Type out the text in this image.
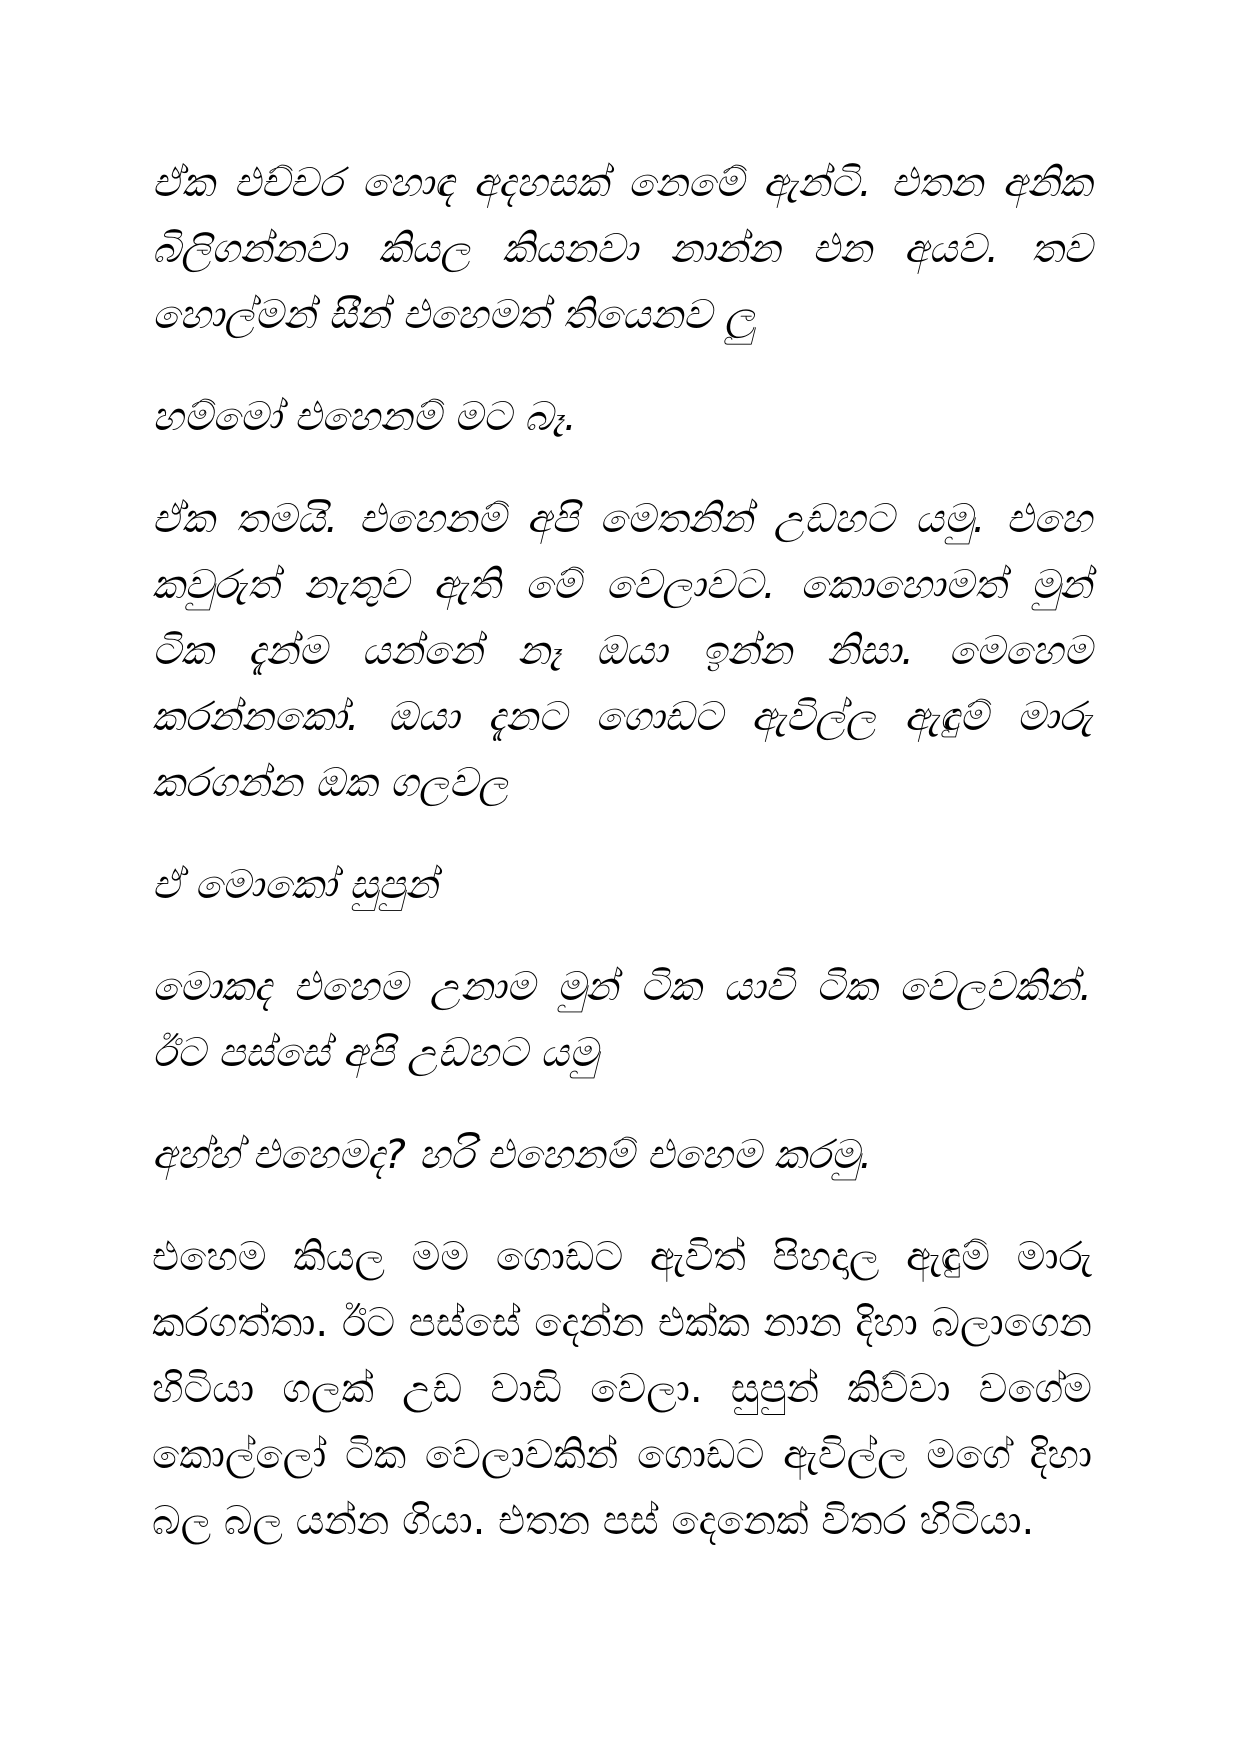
ඒක එච්චර හොඳ අදහසක් නෙමේ ඇන්ටි. එතන අනික බිලිගන්නවා කියල කියනවා නාන්න එන අයව. තව හොල්මන් සීන් එහෙමත් තියෙනව ලු

හම්මෝ එහෙනම් මට බෑ.

ඒක තමයි. එහෙනම් අපි මෙතනින් උඩහට යමු. එහෙ කවුරුත් නැතුව ඇති මේ වෙලාවට. කොහොමත් මුන් ටික දැන්ම යන්නේ නෑ ඔයා ඉන්න නිසා. මෙහෙම කරන්නකෝ. ඔයා දැනට ගොඩට ඇවිල්ල ඇඳුම් මාරු කරගන්න ඔක ගලවල

ඒ මොකෝ සුපුන්

මොකද එහෙම උනාම මුන් ටික යාවි ටික වෙලවකින්. ඊට පස්සේ අපි උඩහට යමු

අහ්හ් එහෙමද? හරි එහෙනම් එහෙම කරමු.

එහෙම කියල මම ගොඩට ඇවිත් පිහදාල ඇඳුම් මාරු කරගත්තා. ඊට පස්සේ දෙන්න එක්ක නාන දිහා බලාගෙන හිටියා ගලක් උඩ වාඩි වෙලා. සුපුන් කිව්වා වගේම කොල්ලෝ ටික වෙලාවකින් ගොඩට ඇවිල්ල මගේ දිහා බල බල යන්න ගියා. එතන පස් දෙනෙක් විතර හිටියා.
